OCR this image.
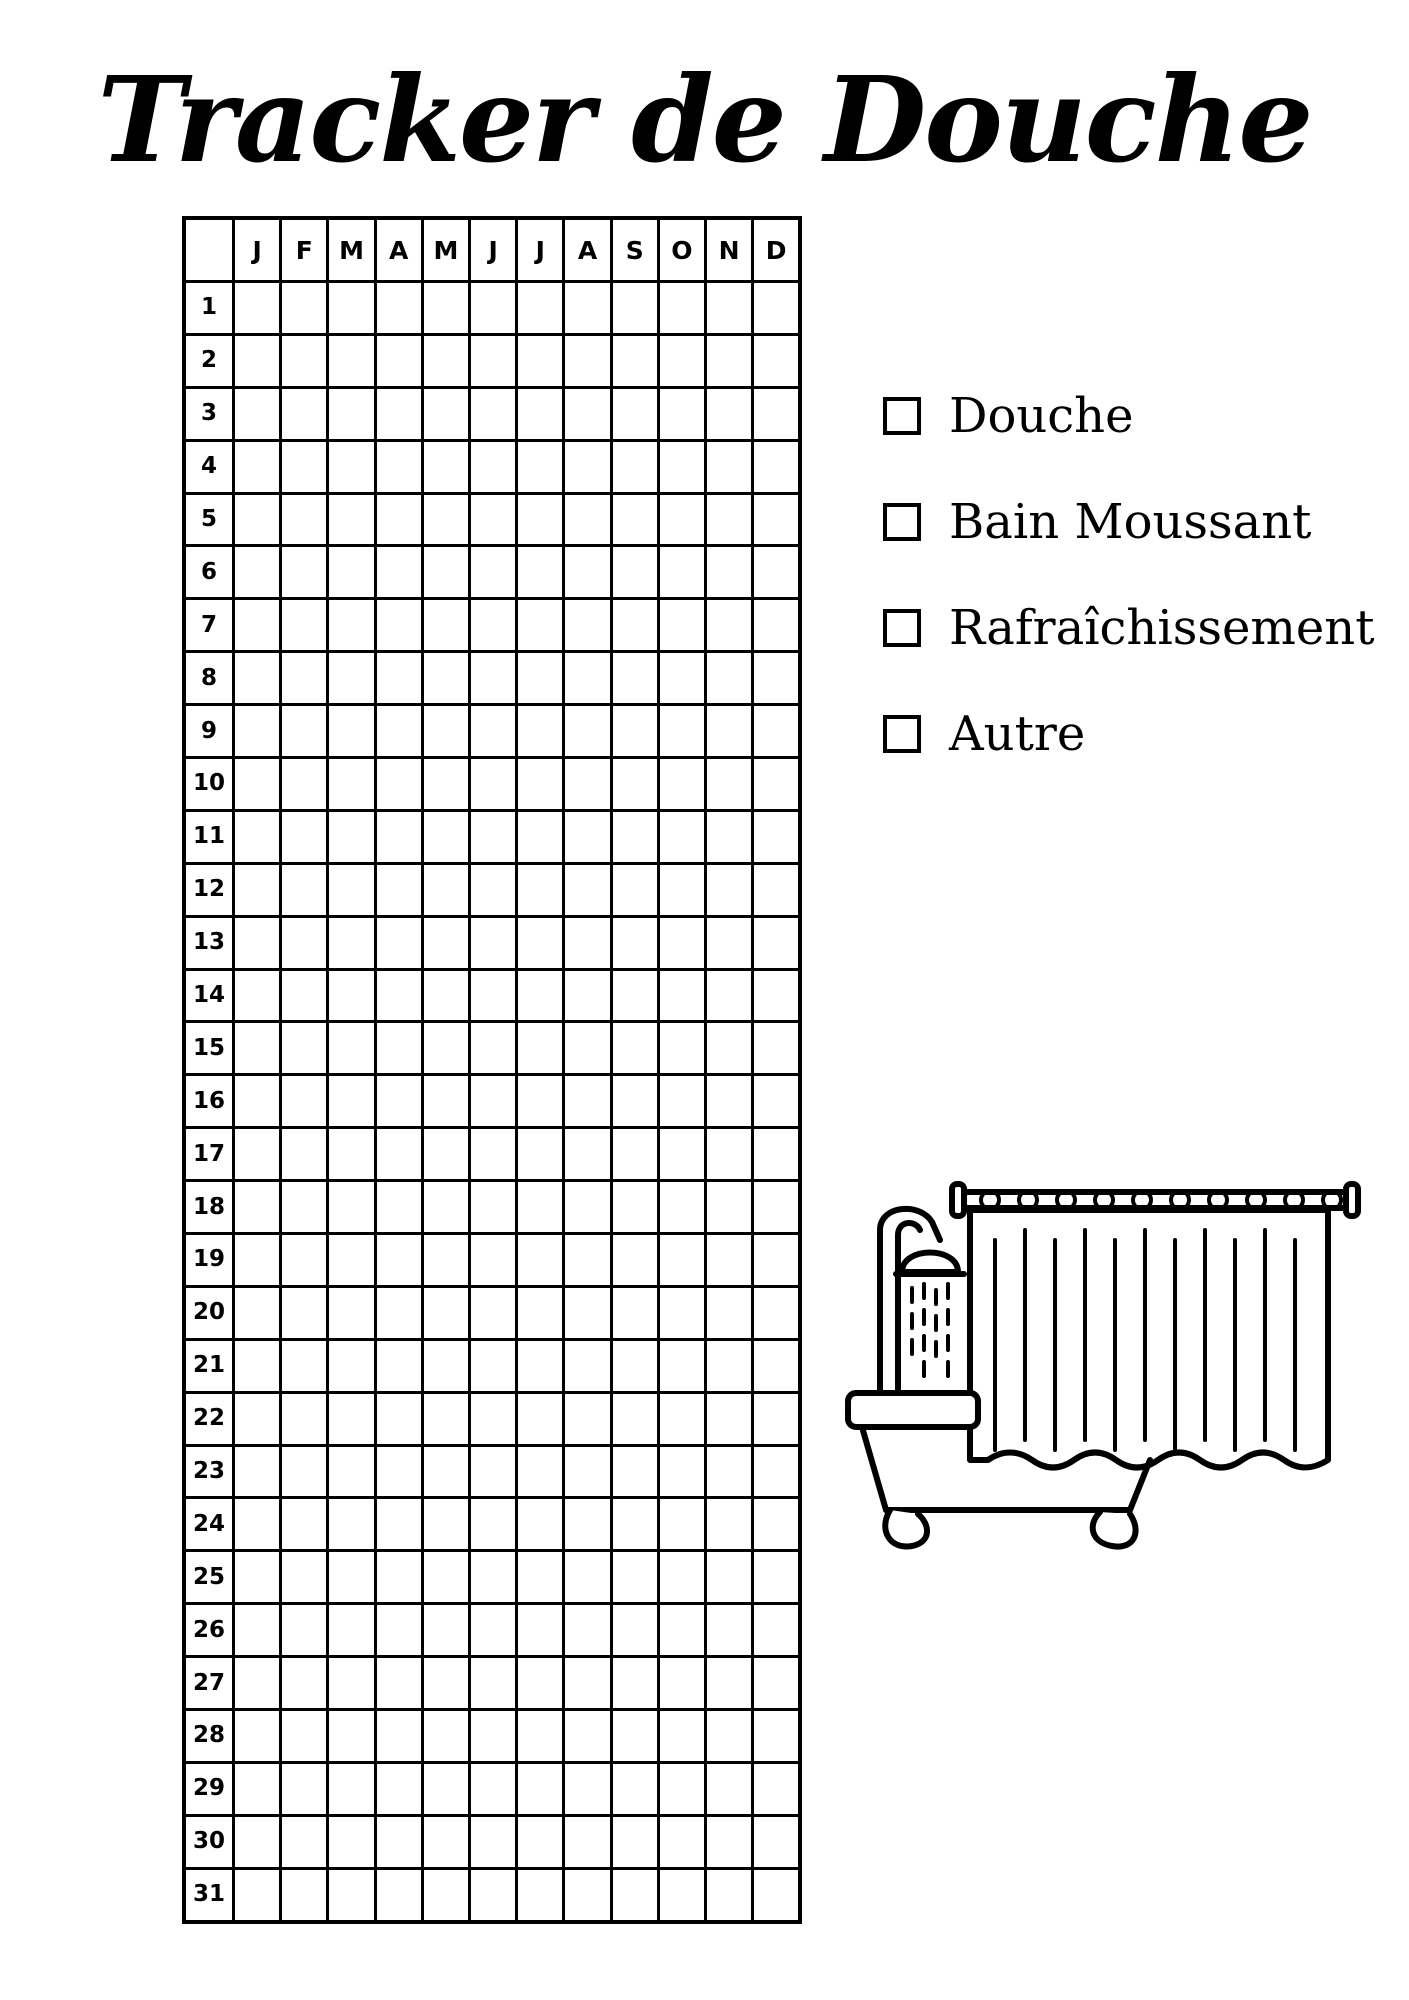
Tracker de Douche
	J	F	M	A	M	J	J	A	S	O	N	D
1												
2												
3												
4												
5												
6												
7												
8												
9												
10												
11												
12												
13												
14												
15												
16												
17												
18												
19												
20												
21												
22												
23												
24												
25												
26												
27												
28												
29												
30												
31												
Douche
Bain Moussant
Rafraîchissement
Autre
